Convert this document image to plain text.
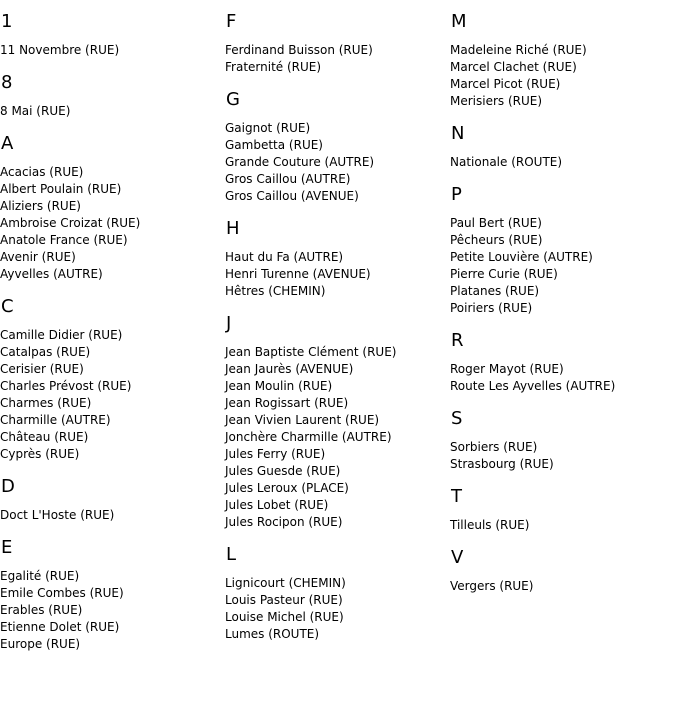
1
11 Novembre (RUE)
8
8 Mai (RUE)
A
Acacias (RUE)
Albert Poulain (RUE)
Aliziers (RUE)
Ambroise Croizat (RUE)
Anatole France (RUE)
Avenir (RUE)
Ayvelles (AUTRE)
C
Camille Didier (RUE)
Catalpas (RUE)
Cerisier (RUE)
Charles Prévost (RUE)
Charmes (RUE)
Charmille (AUTRE)
Château (RUE)
Cyprès (RUE)
D
Doct L'Hoste (RUE)
E
Egalité (RUE)
Emile Combes (RUE)
Erables (RUE)
Etienne Dolet (RUE)
Europe (RUE)
F
Ferdinand Buisson (RUE)
Fraternité (RUE)
G
Gaignot (RUE)
Gambetta (RUE)
Grande Couture (AUTRE)
Gros Caillou (AUTRE)
Gros Caillou (AVENUE)
H
Haut du Fa (AUTRE)
Henri Turenne (AVENUE)
Hêtres (CHEMIN)
J
Jean Baptiste Clément (RUE)
Jean Jaurès (AVENUE)
Jean Moulin (RUE)
Jean Rogissart (RUE)
Jean Vivien Laurent (RUE)
Jonchère Charmille (AUTRE)
Jules Ferry (RUE)
Jules Guesde (RUE)
Jules Leroux (PLACE)
Jules Lobet (RUE)
Jules Rocipon (RUE)
L
Lignicourt (CHEMIN)
Louis Pasteur (RUE)
Louise Michel (RUE)
Lumes (ROUTE)
M
Madeleine Riché (RUE)
Marcel Clachet (RUE)
Marcel Picot (RUE)
Merisiers (RUE)
N
Nationale (ROUTE)
P
Paul Bert (RUE)
Pêcheurs (RUE)
Petite Louvière (AUTRE)
Pierre Curie (RUE)
Platanes (RUE)
Poiriers (RUE)
R
Roger Mayot (RUE)
Route Les Ayvelles (AUTRE)
S
Sorbiers (RUE)
Strasbourg (RUE)
T
Tilleuls (RUE)
V
Vergers (RUE)
